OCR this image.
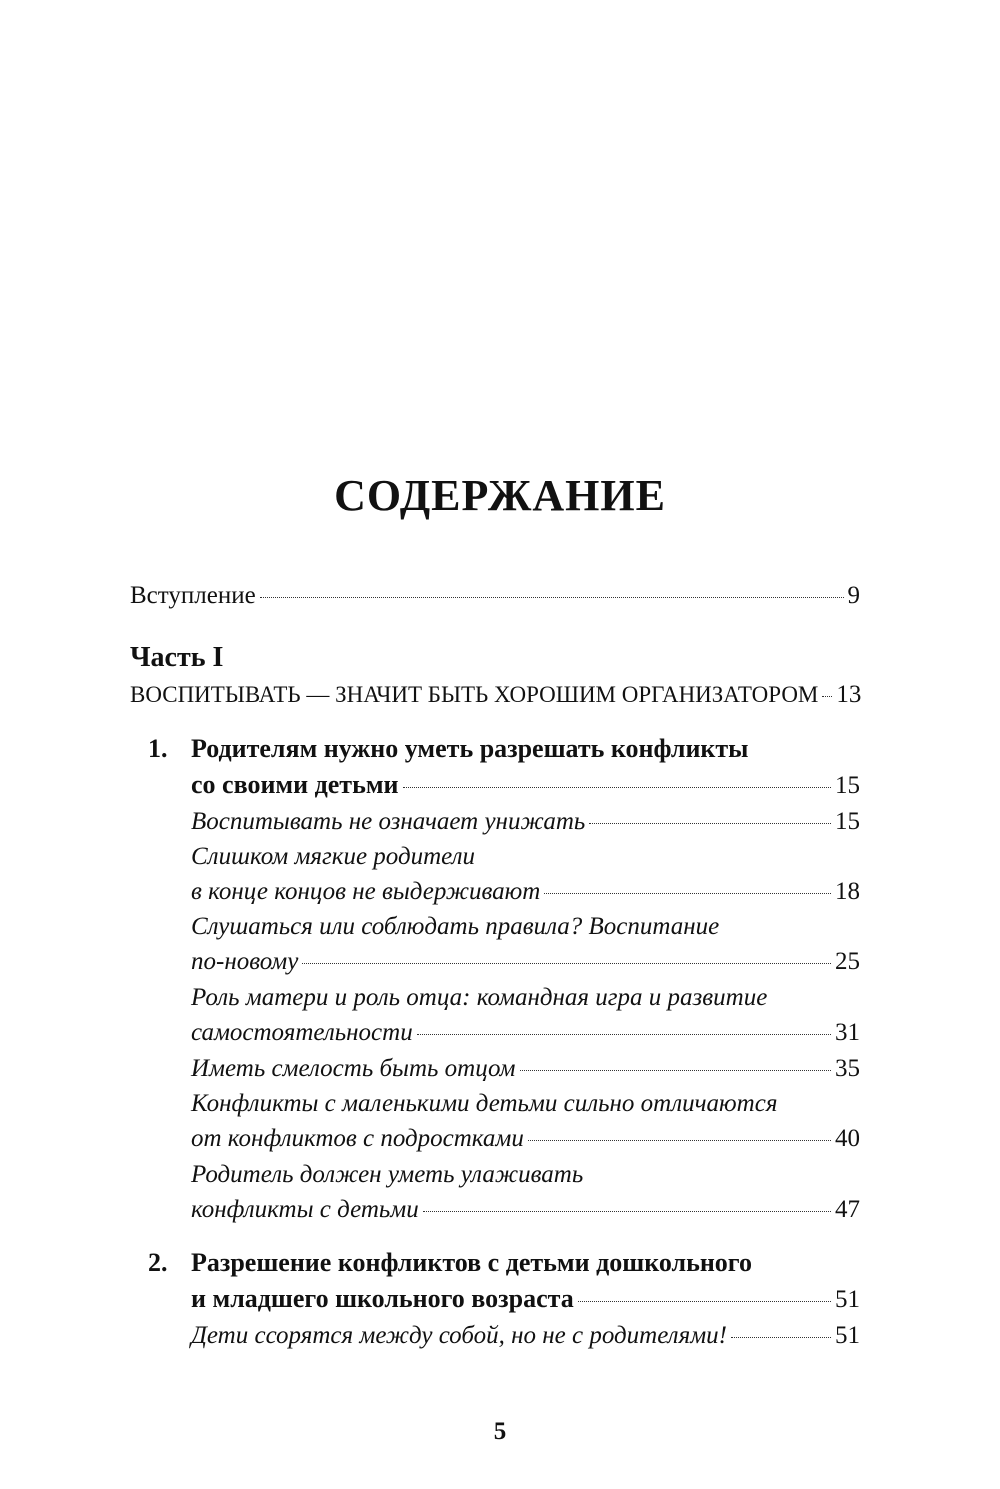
СОДЕРЖАНИЕ
Вступление	9
Часть I
ВОСПИТЫВАТЬ — ЗНАЧИТ БЫТЬ ХОРОШИМ ОРГАНИЗАТОРОМ 13
1. Родителям нужно уметь разрешать конфликты
со своими детьми	15
Воспитывать не означает унижать	15
Слишком мягкие родители
в конце концов не выдерживают	18
Слушаться или соблюдать правила? Воспитание
по-новому	25
Роль матери и роль отца: командная игра и развитие
самостоятельности	31
Иметь смелость быть отцом	35
Конфликты с маленькими детьми сильно отличаются
от конфликтов с подростками	40
Родитель должен уметь улаживать
конфликты с детьми	47
2. Разрешение конфликтов с детьми дошкольного
и младшего школьного возраста	51
Дети ссорятся между собой, но не с родителями!	51
5
